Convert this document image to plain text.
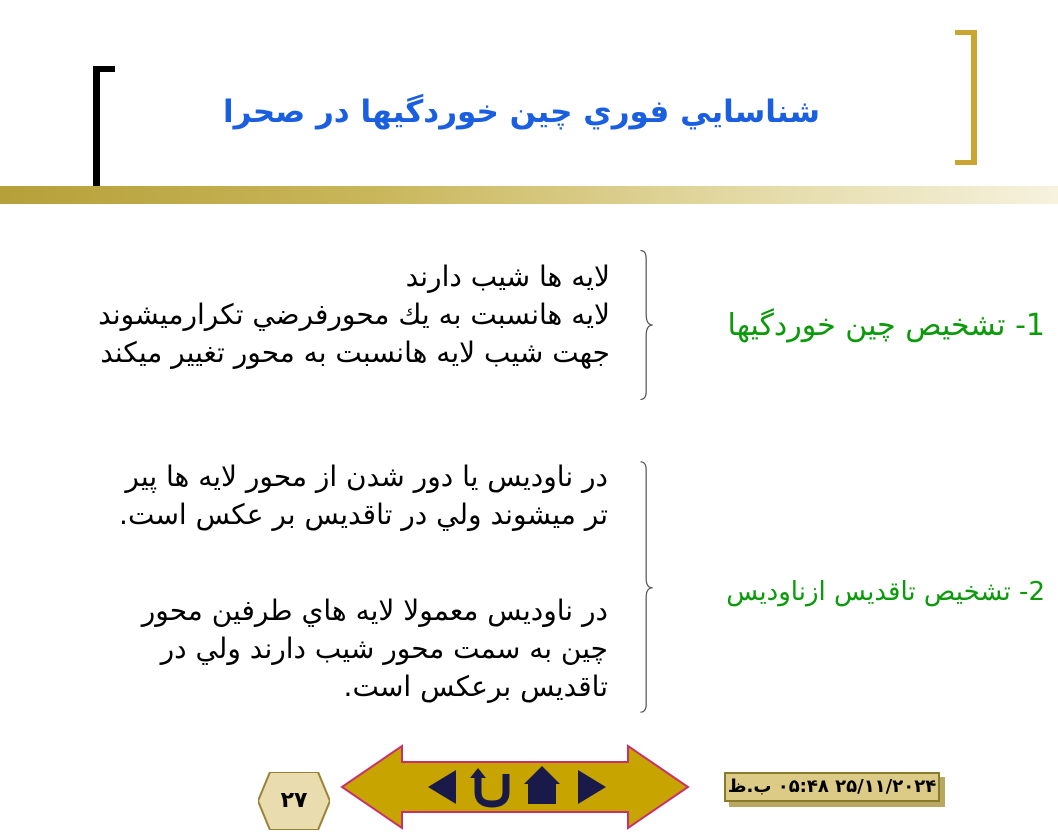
شناسايي فوري چين خوردگيها در صحرا
لايه ها شيب دارند
لايه هانسبت به يك محورفرضي تكرارميشوند
جهت شيب لايه هانسبت به محور تغيير ميكند
1- تشخيص چين خوردگيها
در ناوديس يا دور شدن از محور لايه ها پير
تر ميشوند ولي در تاقديس بر عكس است.
در ناوديس معمولا لايه هاي طرفين محور
چين به سمت محور شيب دارند ولي در
تاقديس برعكس است.
2- تشخيص تاقديس ازناوديس
۲۷
۲۵/۱۱/۲۰۲۴ ۰۵:۴۸ ب.ظ
